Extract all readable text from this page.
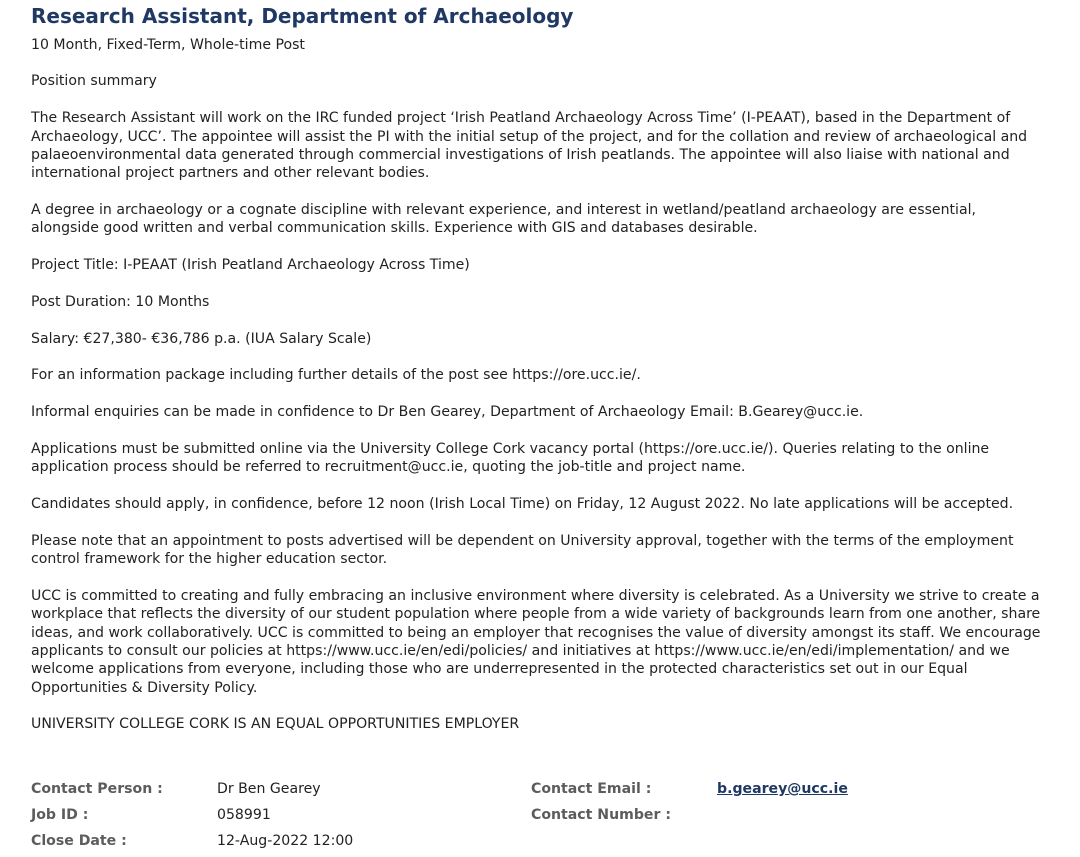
Research Assistant, Department of Archaeology

10 Month, Fixed-Term, Whole-time Post

Position summary

The Research Assistant will work on the IRC funded project ‘Irish Peatland Archaeology Across Time’ (I-PEAAT), based in the Department of Archaeology, UCC’. The appointee will assist the PI with the initial setup of the project, and for the collation and review of archaeological and palaeoenvironmental data generated through commercial investigations of Irish peatlands. The appointee will also liaise with national and international project partners and other relevant bodies.

A degree in archaeology or a cognate discipline with relevant experience, and interest in wetland/peatland archaeology are essential, alongside good written and verbal communication skills. Experience with GIS and databases desirable.

Project Title: I-PEAAT (Irish Peatland Archaeology Across Time)

Post Duration: 10 Months

Salary: €27,380- €36,786 p.a. (IUA Salary Scale)

For an information package including further details of the post see https://ore.ucc.ie/.

Informal enquiries can be made in confidence to Dr Ben Gearey, Department of Archaeology Email: B.Gearey@ucc.ie.

Applications must be submitted online via the University College Cork vacancy portal (https://ore.ucc.ie/). Queries relating to the online application process should be referred to recruitment@ucc.ie, quoting the job-title and project name.

Candidates should apply, in confidence, before 12 noon (Irish Local Time) on Friday, 12 August 2022. No late applications will be accepted.

Please note that an appointment to posts advertised will be dependent on University approval, together with the terms of the employment control framework for the higher education sector.

UCC is committed to creating and fully embracing an inclusive environment where diversity is celebrated. As a University we strive to create a workplace that reflects the diversity of our student population where people from a wide variety of backgrounds learn from one another, share ideas, and work collaboratively. UCC is committed to being an employer that recognises the value of diversity amongst its staff. We encourage applicants to consult our policies at https://www.ucc.ie/en/edi/policies/ and initiatives at https://www.ucc.ie/en/edi/implementation/ and we welcome applications from everyone, including those who are underrepresented in the protected characteristics set out in our Equal Opportunities & Diversity Policy.

UNIVERSITY COLLEGE CORK IS AN EQUAL OPPORTUNITIES EMPLOYER

Contact Person :	Dr Ben Gearey	Contact Email :	b.gearey@ucc.ie
Job ID :	058991	Contact Number :
Close Date :	12-Aug-2022 12:00
